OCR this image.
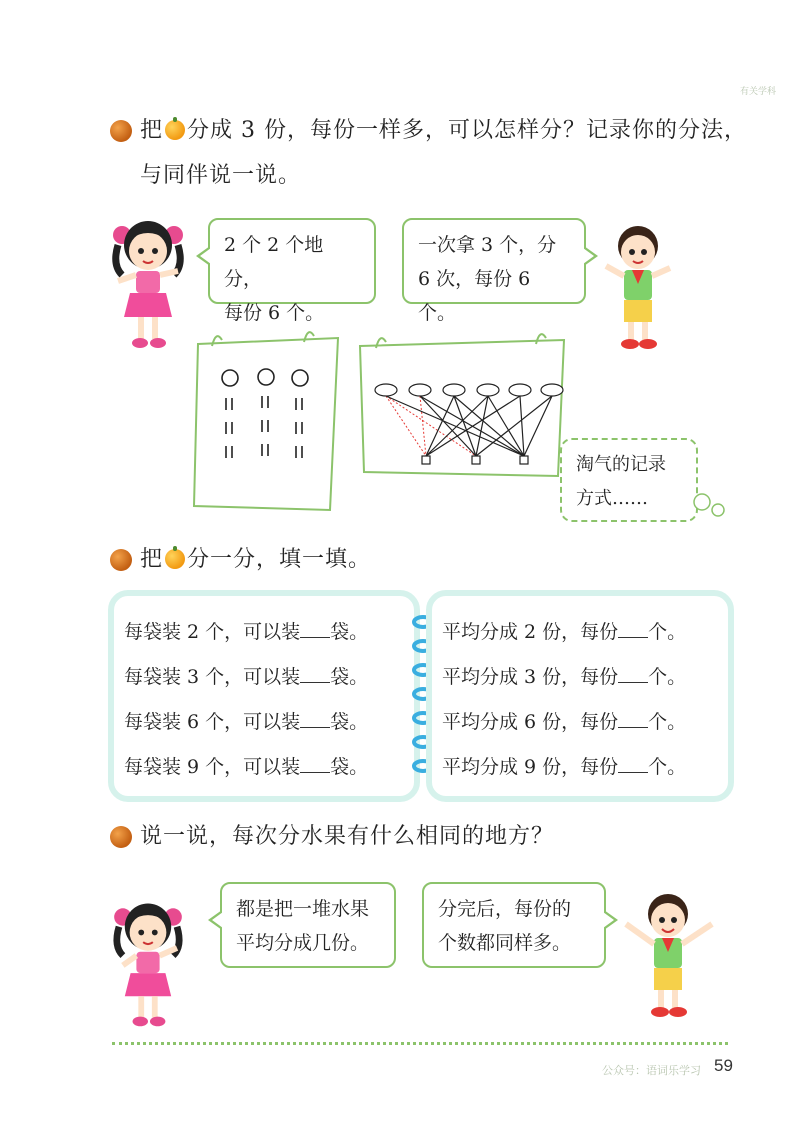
有关学科
把 分成 3 份，每份一样多，可以怎样分？记录你的分法，
与同伴说一说。
2 个 2 个地分，
每份 6 个。
一次拿 3 个，分
6 次，每份 6 个。
淘气的记录
方式……
把 分一分，填一填。
每袋装 2 个，可以装 袋。
每袋装 3 个，可以装 袋。
每袋装 6 个，可以装 袋。
每袋装 9 个，可以装 袋。
平均分成 2 份，每份 个。
平均分成 3 份，每份 个。
平均分成 6 份，每份 个。
平均分成 9 份，每份 个。
说一说，每次分水果有什么相同的地方？
都是把一堆水果
平均分成几份。
分完后，每份的
个数都同样多。
公众号：语词乐学习 59
